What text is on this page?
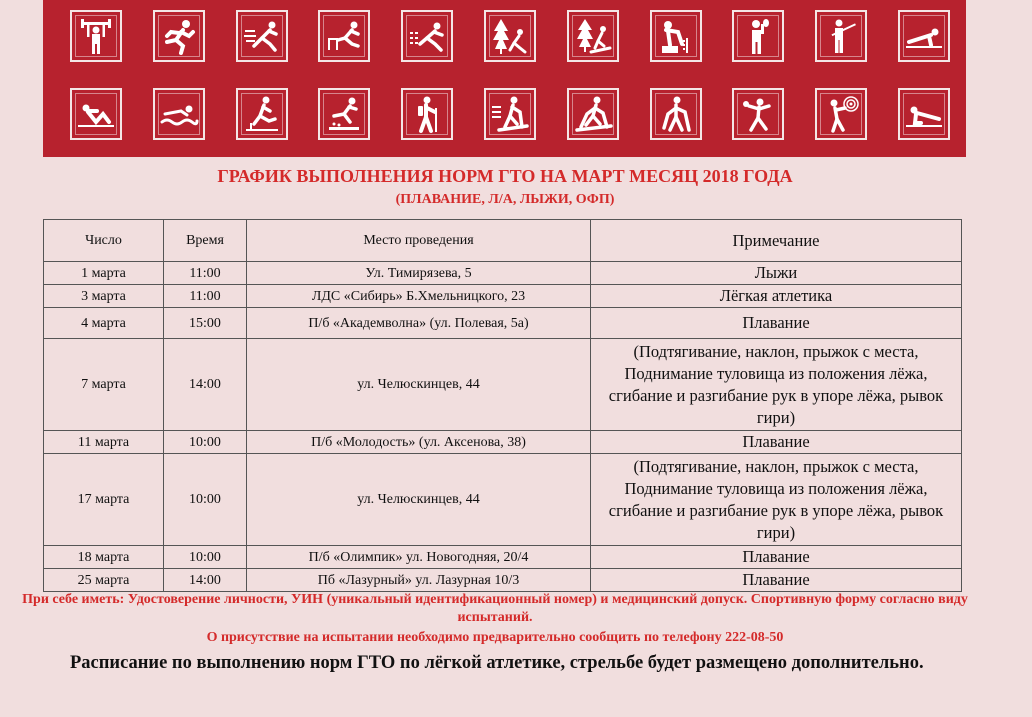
ГРАФИК ВЫПОЛНЕНИЯ НОРМ ГТО НА МАРТ МЕСЯЦ 2018 ГОДА
(ПЛАВАНИЕ, Л/А, ЛЫЖИ, ОФП)
Число	Время	Место проведения	Примечание
1 марта	11:00	Ул. Тимирязева, 5	Лыжи
3 марта	11:00	ЛДС «Сибирь» Б.Хмельницкого, 23	Лёгкая атлетика
4 марта	15:00	П/б «Академволна» (ул. Полевая, 5а)	Плавание
7 марта	14:00	ул. Челюскинцев, 44	(Подтягивание, наклон, прыжок с места, Поднимание туловища из положения лёжа, сгибание и разгибание рук в упоре лёжа, рывок гири)
11 марта	10:00	П/б «Молодость» (ул. Аксенова, 38)	Плавание
17 марта	10:00	ул. Челюскинцев, 44	(Подтягивание, наклон, прыжок с места, Поднимание туловища из положения лёжа, сгибание и разгибание рук в упоре лёжа, рывок гири)
18 марта	10:00	П/б «Олимпик» ул. Новогодняя, 20/4	Плавание
25 марта	14:00	Пб «Лазурный» ул. Лазурная 10/3	Плавание
При себе иметь: Удостоверение личности, УИН (уникальный идентификационный номер) и медицинский допуск. Спортивную форму согласно виду испытаний.
О присутствие на испытании необходимо предварительно сообщить по телефону 222-08-50
Расписание по выполнению норм ГТО по лёгкой атлетике, стрельбе будет размещено дополнительно.
